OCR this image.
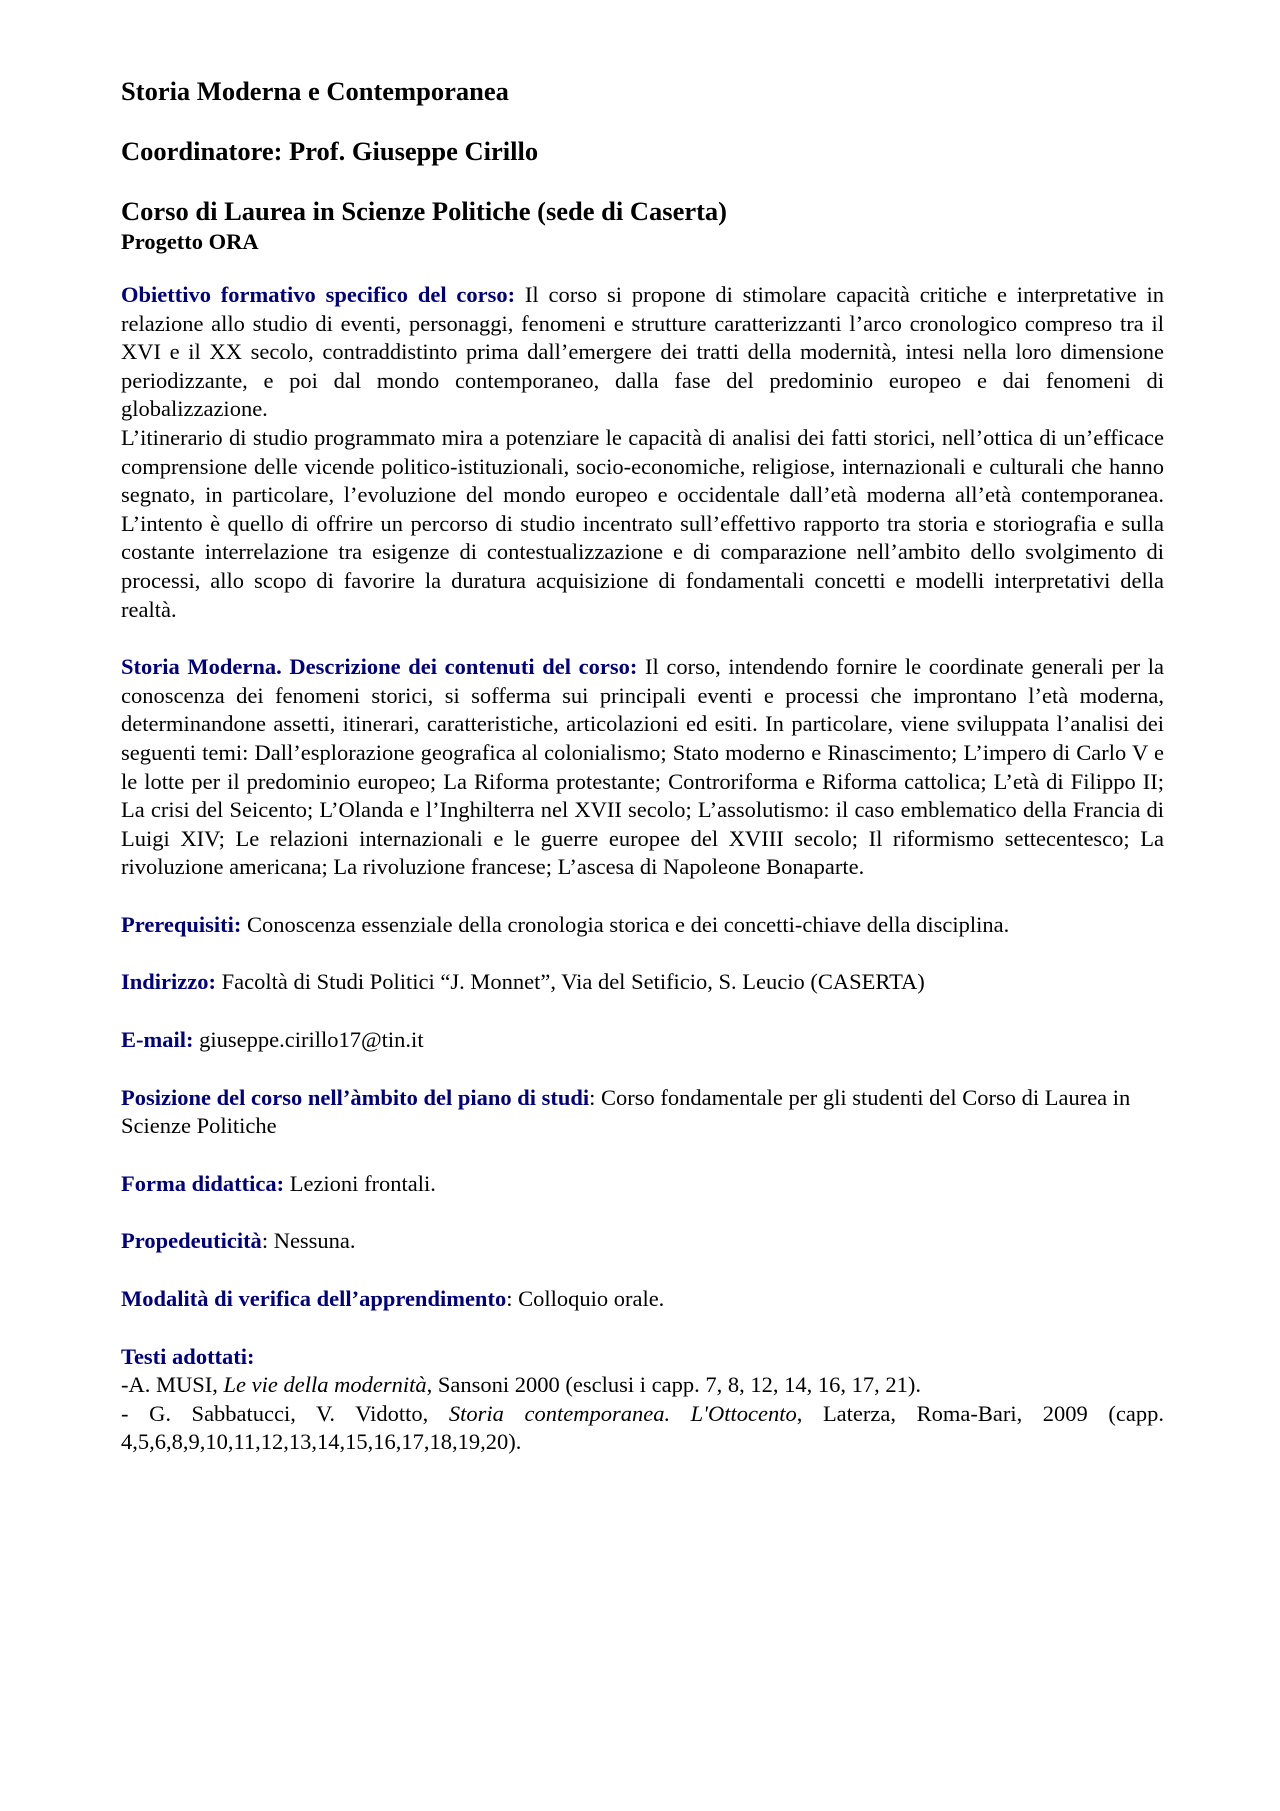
Storia Moderna e Contemporanea
Coordinatore: Prof. Giuseppe Cirillo
Corso di Laurea in Scienze Politiche (sede di Caserta)
Progetto ORA

Obiettivo formativo specifico del corso: Il corso si propone di stimolare capacità critiche e interpretative in relazione allo studio di eventi, personaggi, fenomeni e strutture caratterizzanti l’arco cronologico compreso tra il XVI e il XX secolo, contraddistinto prima dall’emergere dei tratti della modernità, intesi nella loro dimensione periodizzante, e poi dal mondo contemporaneo, dalla fase del predominio europeo e dai fenomeni di globalizzazione.

L’itinerario di studio programmato mira a potenziare le capacità di analisi dei fatti storici, nell’ottica di un’efficace comprensione delle vicende politico-istituzionali, socio-economiche, religiose, internazionali e culturali che hanno segnato, in particolare, l’evoluzione del mondo europeo e occidentale dall’età moderna all’età contemporanea. L’intento è quello di offrire un percorso di studio incentrato sull’effettivo rapporto tra storia e storiografia e sulla costante interrelazione tra esigenze di contestualizzazione e di comparazione nell’ambito dello svolgimento di processi, allo scopo di favorire la duratura acquisizione di fondamentali concetti e modelli interpretativi della realtà.

Storia Moderna. Descrizione dei contenuti del corso: Il corso, intendendo fornire le coordinate generali per la conoscenza dei fenomeni storici, si sofferma sui principali eventi e processi che improntano l’età moderna, determinandone assetti, itinerari, caratteristiche, articolazioni ed esiti. In particolare, viene sviluppata l’analisi dei seguenti temi: Dall’esplorazione geografica al colonialismo; Stato moderno e Rinascimento; L’impero di Carlo V e le lotte per il predominio europeo; La Riforma protestante; Controriforma e Riforma cattolica; L’età di Filippo II; La crisi del Seicento; L’Olanda e l’Inghilterra nel XVII secolo; L’assolutismo: il caso emblematico della Francia di Luigi XIV; Le relazioni internazionali e le guerre europee del XVIII secolo; Il riformismo settecentesco; La rivoluzione americana; La rivoluzione francese; L’ascesa di Napoleone Bonaparte.

Prerequisiti: Conoscenza essenziale della cronologia storica e dei concetti-chiave della disciplina.

Indirizzo: Facoltà di Studi Politici “J. Monnet”, Via del Setificio, S. Leucio (CASERTA)

E-mail: giuseppe.cirillo17@tin.it

Posizione del corso nell’àmbito del piano di studi: Corso fondamentale per gli studenti del Corso di Laurea in Scienze Politiche

Forma didattica: Lezioni frontali.

Propedeuticità: Nessuna.

Modalità di verifica dell’apprendimento: Colloquio orale.

Testi adottati:

-A. MUSI, Le vie della modernità, Sansoni 2000 (esclusi i capp. 7, 8, 12, 14, 16, 17, 21).

- G. Sabbatucci, V. Vidotto, Storia contemporanea. L'Ottocento, Laterza, Roma-Bari, 2009 (capp. 4,5,6,8,9,10,11,12,13,14,15,16,17,18,19,20).
